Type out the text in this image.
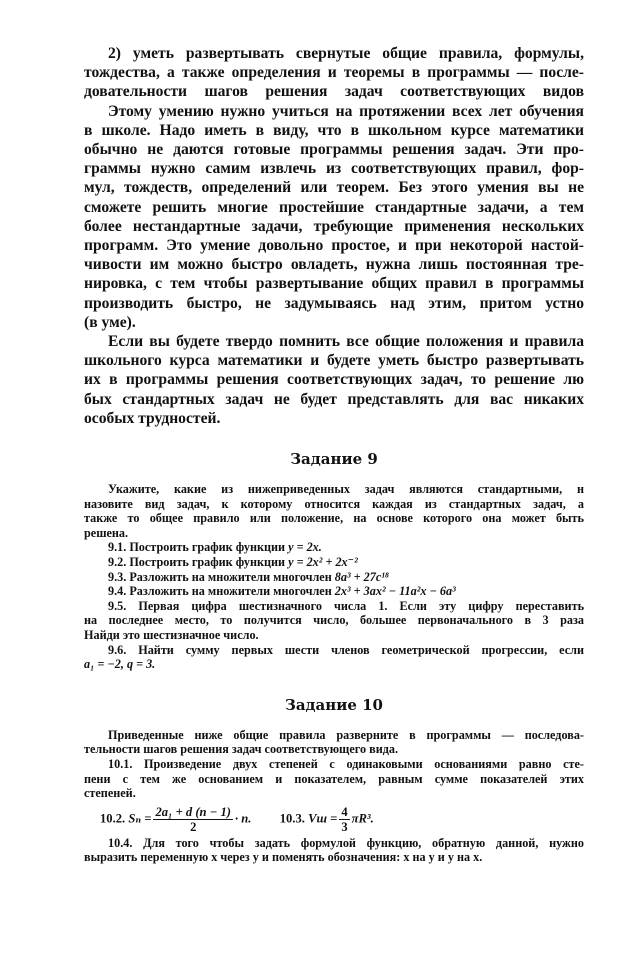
2) уметь развертывать свернутые общие правила, формулы,
тождества, а также определения и теоремы в программы — после-
довательности шагов решения задач соответствующих видов

Этому умению нужно учиться на протяжении всех лет обучения
в школе. Надо иметь в виду, что в школьном курсе математики
обычно не даются готовые программы решения задач. Эти про-
граммы нужно самим извлечь из соответствующих правил, фор-
мул, тождеств, определений или теорем. Без этого умения вы не
сможете решить многие простейшие стандартные задачи, а тем
более нестандартные задачи, требующие применения нескольких
программ. Это умение довольно простое, и при некоторой настой-
чивости им можно быстро овладеть, нужна лишь постоянная тре-
нировка, с тем чтобы развертывание общих правил в программы
производить быстро, не задумываясь над этим, притом устно
(в уме).

Если вы будете твердо помнить все общие положения и правила
школьного курса математики и будете уметь быстро развертывать
их в программы решения соответствующих задач, то решение лю
бых стандартных задач не будет представлять для вас никаких
особых трудностей.

Задание 9

Укажите, какие из нижеприведенных задач являются стандартными, н
назовите вид задач, к которому относится каждая из стандартных задач, а
также то общее правило или положение, на основе которого она может быть
решена.

9.1. Построить график функции y = 2x.

9.2. Построить график функции y = 2x² + 2x⁻²

9.3. Разложить на множители многочлен 8a³ + 27c¹⁸

9.4. Разложить на множители многочлен 2x³ + 3ax² − 11a²x − 6a³

9.5. Первая цифра шестизначного числа 1. Если эту цифру переставить
на последнее место, то получится число, большее первоначального в 3 раза
Найди это шестизначное число.

9.6. Найти сумму первых шести членов геометрической прогрессии, если
a₁ = −2, q = 3.

Задание 10

Приведенные ниже общие правила разверните в программы — последова-
тельности шагов решения задач соответствующего вида.

10.1. Произведение двух степеней с одинаковыми основаниями равно сте-
пени с тем же основанием и показателем, равным сумме показателей этих
степеней.

10.2. $S_n = \frac{\text{2a₁ + d (n − 1)}}{2} \cdot n$. 10.3. Vш = $\frac{4}{3} \pi R^3$.

10.4. Для того чтобы задать формулой функцию, обратную данной, нужно
выразить переменную x через y и поменять обозначения: x на y и y на x.
